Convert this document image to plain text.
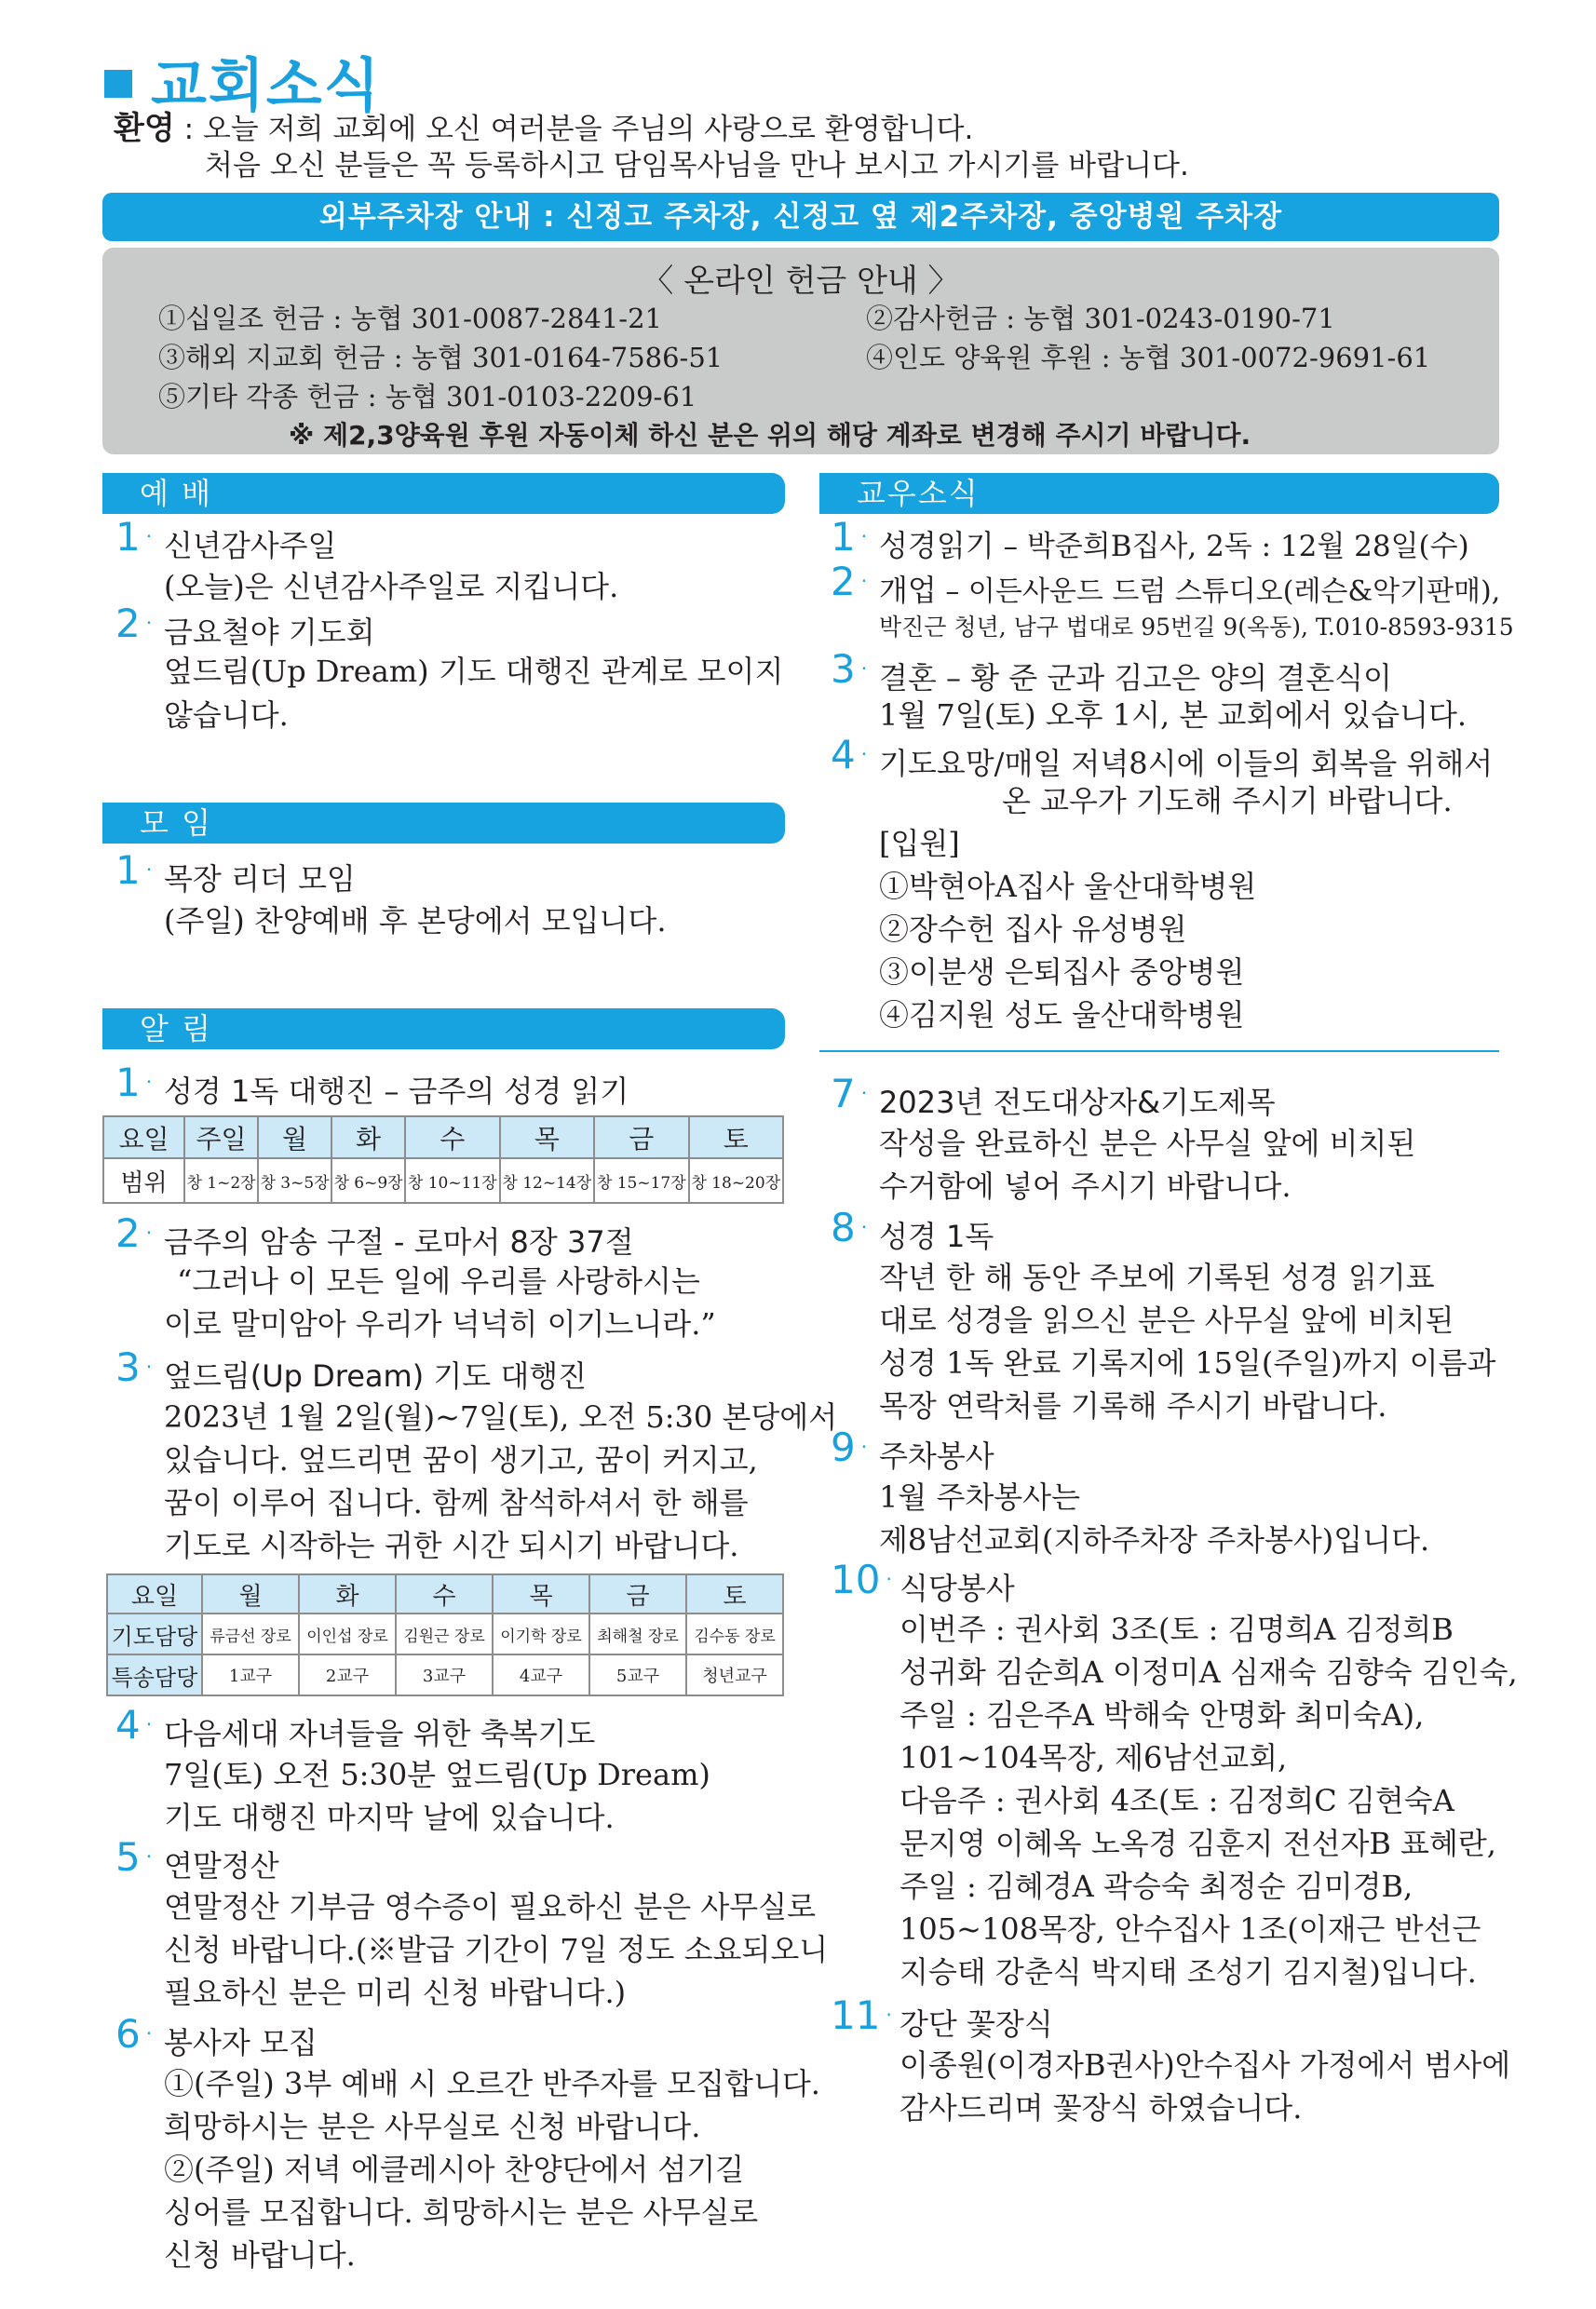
교회소식
환영 : 오늘 저희 교회에 오신 여러분을 주님의 사랑으로 환영합니다.
처음 오신 분들은 꼭 등록하시고 담임목사님을 만나 보시고 가시기를 바랍니다.
외부주차장 안내 : 신정고 주차장, 신정고 옆 제2주차장, 중앙병원 주차장
〈 온라인 헌금 안내 〉
①십일조 헌금 : 농협 301-0087-2841-21	②감사헌금 : 농협 301-0243-0190-71
③해외 지교회 헌금 : 농협 301-0164-7586-51	④인도 양육원 후원 : 농협 301-0072-9691-61
⑤기타 각종 헌금 : 농협 301-0103-2209-61
※ 제2,3양육원 후원 자동이체 하신 분은 위의 해당 계좌로 변경해 주시기 바랍니다.
예 배
1 · 신년감사주일
(오늘)은 신년감사주일로 지킵니다.
2 · 금요철야 기도회
엎드림(Up Dream) 기도 대행진 관계로 모이지
않습니다.
모 임
1 · 목장 리더 모임
(주일) 찬양예배 후 본당에서 모입니다.
알 림
1 · 성경 1독 대행진 – 금주의 성경 읽기
요일	주일	월	화	수	목	금	토
범위	창 1~2장	창 3~5장	창 6~9장	창 10~11장	창 12~14장	창 15~17장	창 18~20장
2 · 금주의 암송 구절 - 로마서 8장 37절
“그러나 이 모든 일에 우리를 사랑하시는
이로 말미암아 우리가 넉넉히 이기느니라.”
3 · 엎드림(Up Dream) 기도 대행진
2023년 1월 2일(월)~7일(토), 오전 5:30 본당에서
있습니다. 엎드리면 꿈이 생기고, 꿈이 커지고,
꿈이 이루어 집니다. 함께 참석하셔서 한 해를
기도로 시작하는 귀한 시간 되시기 바랍니다.
요일	월	화	수	목	금	토
기도담당	류금선 장로	이인섭 장로	김원근 장로	이기학 장로	최해철 장로	김수동 장로
특송담당	1교구	2교구	3교구	4교구	5교구	청년교구
4 · 다음세대 자녀들을 위한 축복기도
7일(토) 오전 5:30분 엎드림(Up Dream)
기도 대행진 마지막 날에 있습니다.
5 · 연말정산
연말정산 기부금 영수증이 필요하신 분은 사무실로
신청 바랍니다.(※발급 기간이 7일 정도 소요되오니
필요하신 분은 미리 신청 바랍니다.)
6 · 봉사자 모집
①(주일) 3부 예배 시 오르간 반주자를 모집합니다.
희망하시는 분은 사무실로 신청 바랍니다.
②(주일) 저녁 에클레시아 찬양단에서 섬기길
싱어를 모집합니다. 희망하시는 분은 사무실로
신청 바랍니다.
교우소식
1 · 성경읽기 – 박준희B집사, 2독 : 12월 28일(수)
2 · 개업 – 이든사운드 드럼 스튜디오(레슨&악기판매),
박진근 청년, 남구 법대로 95번길 9(옥동), T.010-8593-9315
3 · 결혼 – 황 준 군과 김고은 양의 결혼식이
1월 7일(토) 오후 1시, 본 교회에서 있습니다.
4 · 기도요망/매일 저녁8시에 이들의 회복을 위해서
온 교우가 기도해 주시기 바랍니다.
[입원]
①박현아A집사 울산대학병원
②장수헌 집사 유성병원
③이분생 은퇴집사 중앙병원
④김지원 성도 울산대학병원
7 · 2023년 전도대상자&기도제목
작성을 완료하신 분은 사무실 앞에 비치된
수거함에 넣어 주시기 바랍니다.
8 · 성경 1독
작년 한 해 동안 주보에 기록된 성경 읽기표
대로 성경을 읽으신 분은 사무실 앞에 비치된
성경 1독 완료 기록지에 15일(주일)까지 이름과
목장 연락처를 기록해 주시기 바랍니다.
9 · 주차봉사
1월 주차봉사는
제8남선교회(지하주차장 주차봉사)입니다.
10 · 식당봉사
이번주 : 권사회 3조(토 : 김명희A 김정희B
성귀화 김순희A 이정미A 심재숙 김향숙 김인숙,
주일 : 김은주A 박해숙 안명화 최미숙A),
101~104목장, 제6남선교회,
다음주 : 권사회 4조(토 : 김정희C 김현숙A
문지영 이혜옥 노옥경 김훈지 전선자B 표혜란,
주일 : 김혜경A 곽승숙 최정순 김미경B,
105~108목장, 안수집사 1조(이재근 반선근
지승태 강춘식 박지태 조성기 김지철)입니다.
11 · 강단 꽃장식
이종원(이경자B권사)안수집사 가정에서 범사에
감사드리며 꽃장식 하였습니다.
